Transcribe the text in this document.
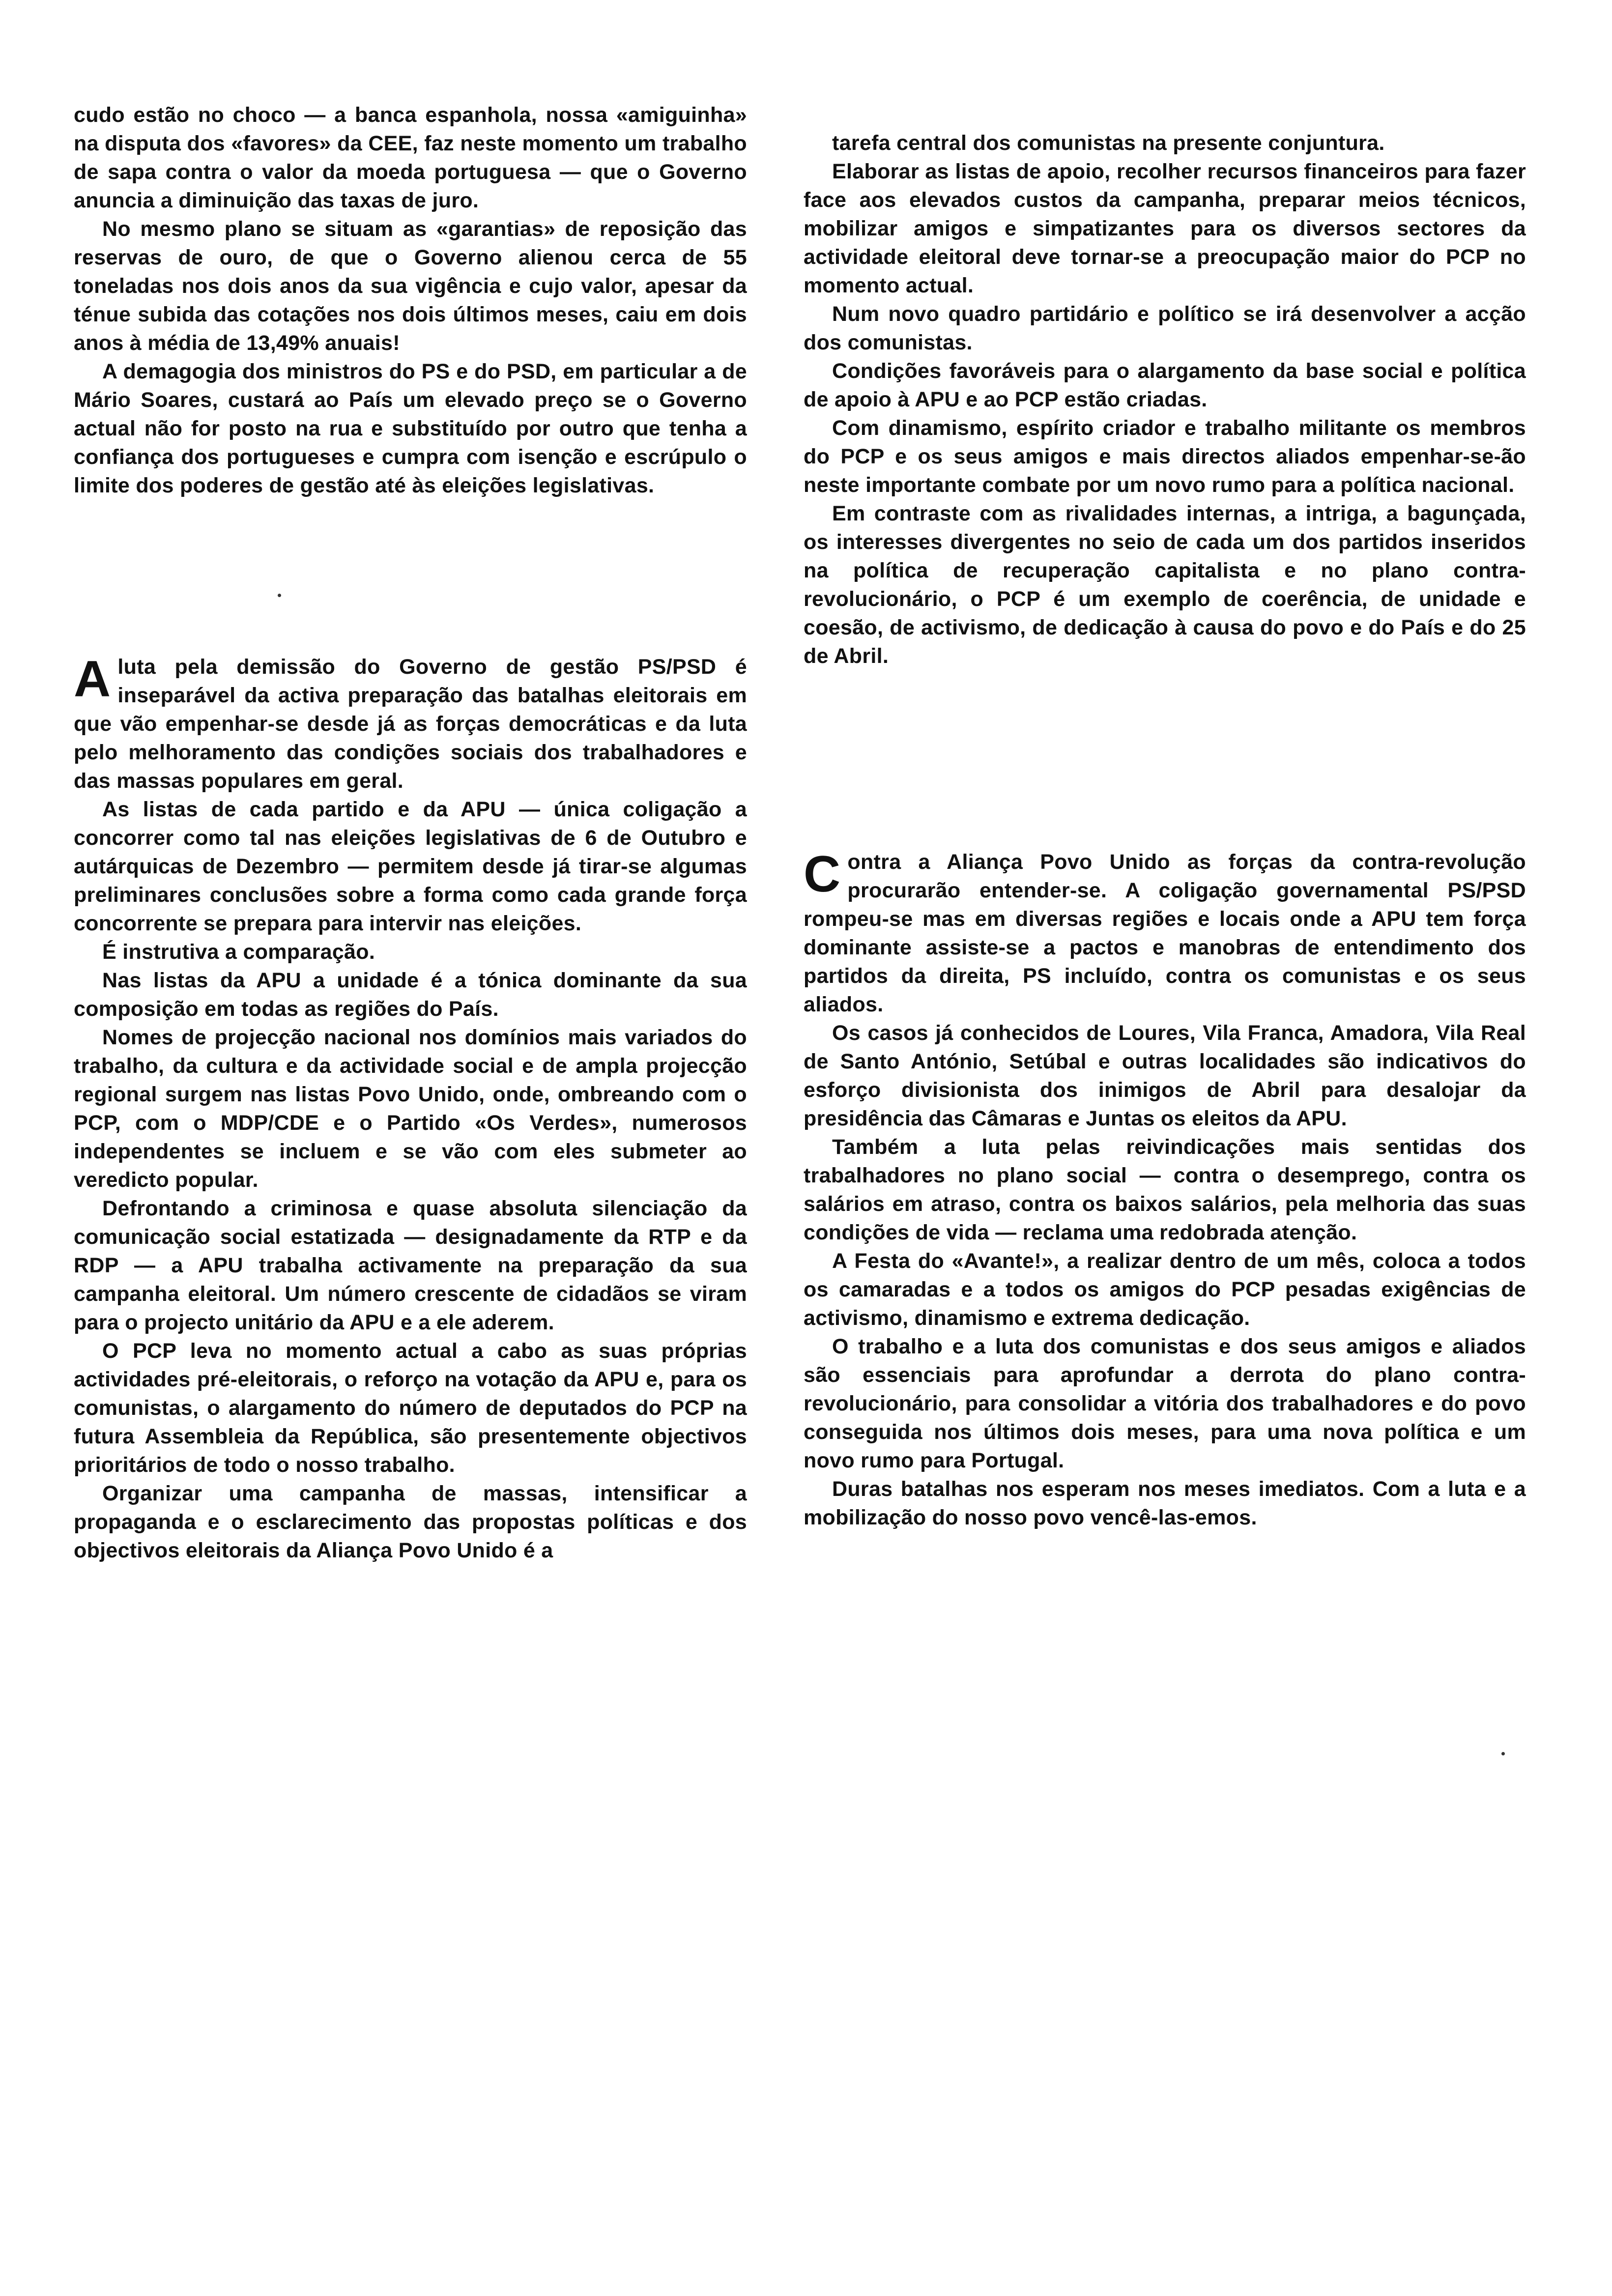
cudo estão no choco — a banca espanhola, nossa «amiguinha» na disputa dos «favores» da CEE, faz neste momento um trabalho de sapa contra o valor da moeda portuguesa — que o Governo anuncia a diminuição das taxas de juro.

No mesmo plano se situam as «garantias» de reposição das reservas de ouro, de que o Governo alienou cerca de 55 toneladas nos dois anos da sua vigência e cujo valor, apesar da ténue subida das cotações nos dois últimos meses, caiu em dois anos à média de 13,49% anuais!

A demagogia dos ministros do PS e do PSD, em particular a de Mário Soares, custará ao País um elevado preço se o Governo actual não for posto na rua e substituído por outro que tenha a confiança dos portugueses e cumpra com isenção e escrúpulo o limite dos poderes de gestão até às eleições legislativas.

Aluta pela demissão do Governo de gestão PS/PSD é inseparável da activa preparação das batalhas eleitorais em que vão empenhar-se desde já as forças democráticas e da luta pelo melhoramento das condições sociais dos trabalhadores e das massas populares em geral.

As listas de cada partido e da APU — única coligação a concorrer como tal nas eleições legislativas de 6 de Outubro e autárquicas de Dezembro — permitem desde já tirar-se algumas preliminares conclusões sobre a forma como cada grande força concorrente se prepara para intervir nas eleições.

É instrutiva a comparação.

Nas listas da APU a unidade é a tónica dominante da sua composição em todas as regiões do País.

Nomes de projecção nacional nos domínios mais variados do trabalho, da cultura e da actividade social e de ampla projecção regional surgem nas listas Povo Unido, onde, ombreando com o PCP, com o MDP/CDE e o Partido «Os Verdes», numerosos independentes se incluem e se vão com eles submeter ao veredicto popular.

Defrontando a criminosa e quase absoluta silenciação da comunicação social estatizada — designadamente da RTP e da RDP — a APU trabalha activamente na preparação da sua campanha eleitoral. Um número crescente de cidadãos se viram para o projecto unitário da APU e a ele aderem.

O PCP leva no momento actual a cabo as suas próprias actividades pré-eleitorais, o reforço na votação da APU e, para os comunistas, o alargamento do número de deputados do PCP na futura Assembleia da República, são presentemente objectivos prioritários de todo o nosso trabalho.

Organizar uma campanha de massas, intensificar a propaganda e o esclarecimento das propostas políticas e dos objectivos eleitorais da Aliança Povo Unido é a

tarefa central dos comunistas na presente conjuntura.

Elaborar as listas de apoio, recolher recursos financeiros para fazer face aos elevados custos da campanha, preparar meios técnicos, mobilizar amigos e simpatizantes para os diversos sectores da actividade eleitoral deve tornar-se a preocupação maior do PCP no momento actual.

Num novo quadro partidário e político se irá desenvolver a acção dos comunistas.

Condições favoráveis para o alargamento da base social e política de apoio à APU e ao PCP estão criadas.

Com dinamismo, espírito criador e trabalho militante os membros do PCP e os seus amigos e mais directos aliados empenhar-se-ão neste importante combate por um novo rumo para a política nacional.

Em contraste com as rivalidades internas, a intriga, a bagunçada, os interesses divergentes no seio de cada um dos partidos inseridos na política de recuperação capitalista e no plano contra-revolucionário, o PCP é um exemplo de coerência, de unidade e coesão, de activismo, de dedicação à causa do povo e do País e do 25 de Abril.

Contra a Aliança Povo Unido as forças da contra-revolução procurarão entender-se. A coligação governamental PS/PSD rompeu-se mas em diversas regiões e locais onde a APU tem força dominante assiste-se a pactos e manobras de entendimento dos partidos da direita, PS incluído, contra os comunistas e os seus aliados.

Os casos já conhecidos de Loures, Vila Franca, Amadora, Vila Real de Santo António, Setúbal e outras localidades são indicativos do esforço divisionista dos inimigos de Abril para desalojar da presidência das Câmaras e Juntas os eleitos da APU.

Também a luta pelas reivindicações mais sentidas dos trabalhadores no plano social — contra o desemprego, contra os salários em atraso, contra os baixos salários, pela melhoria das suas condições de vida — reclama uma redobrada atenção.

A Festa do «Avante!», a realizar dentro de um mês, coloca a todos os camaradas e a todos os amigos do PCP pesadas exigências de activismo, dinamismo e extrema dedicação.

O trabalho e a luta dos comunistas e dos seus amigos e aliados são essenciais para aprofundar a derrota do plano contra-revolucionário, para consolidar a vitória dos trabalhadores e do povo conseguida nos últimos dois meses, para uma nova política e um novo rumo para Portugal.

Duras batalhas nos esperam nos meses imediatos. Com a luta e a mobilização do nosso povo vencê-las-emos.
